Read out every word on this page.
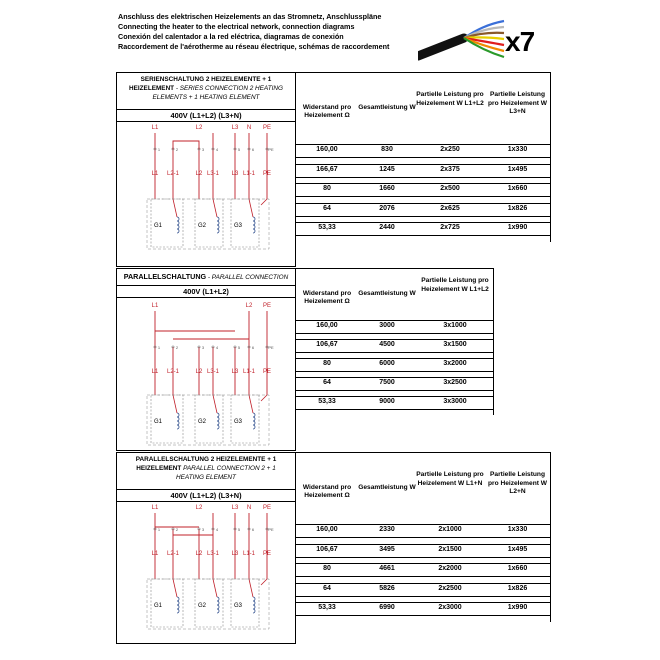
Anschluss des elektrischen Heizelements an das Stromnetz, Anschlusspläne
Connecting the heater to the electrical network, connection diagrams
Conexión del calentador a la red eléctrica, diagramas de conexión
Raccordement de l'aérotherme au réseau électrique, schémas de raccordement	x7
SERIENSCHALTUNG 2 HEIZELEMENTE + 1 HEIZELEMENT - SERIES CONNECTION 2 HEATING ELEMENTS + 1 HEATING ELEMENT
400V (L1+L2) (L3+N)
L1	L2	L3 N PE
1
L1
2
L2-1
3
L2
4
L3-1
5
L3
6
L1-1
PE
PE
G1	G2	G3
Widerstand pro Heizelement Ω
Gesamtleistung W
Partielle Leistung pro Heizelement W L1+L2
Partielle Leistung pro Heizelement W L3+N
160,00	830	2x250	1x330
166,67	1245	2x375	1x495
80	1660	2x500	1x660
64	2076	2x625	1x826
53,33	2440	2x725	1x990
PARALLELSCHALTUNG - PARALLEL CONNECTION
400V (L1+L2)
L1	L2 PE
1
L1
2
L2-1
3
L2
4
L3-1
5
L3
6
L1-1
PE
PE
G1	G2	G3
Widerstand pro Heizelement Ω
Gesamtleistung W
Partielle Leistung pro Heizelement W L1+L2
160,00	3000	3x1000
106,67	4500	3x1500
80	6000	3x2000
64	7500	3x2500
53,33	9000	3x3000
PARALLELSCHALTUNG 2 HEIZELEMENTE + 1 HEIZELEMENT PARALLEL CONNECTION 2 + 1 HEATING ELEMENT
400V (L1+L2) (L3+N)
L1	L2	L3 N PE
1
L1
2
L2-1
3
L2
4
L3-1
5
L3
6
L1-1
PE
PE
G1	G2	G3
Widerstand pro Heizelement Ω
Gesamtleistung W
Partielle Leistung pro Heizelement W L1+N
Partielle Leistung pro Heizelement W L2+N
160,00	2330	2x1000	1x330
106,67	3495	2x1500	1x495
80	4661	2x2000	1x660
64	5826	2x2500	1x826
53,33	6990	2x3000	1x990
